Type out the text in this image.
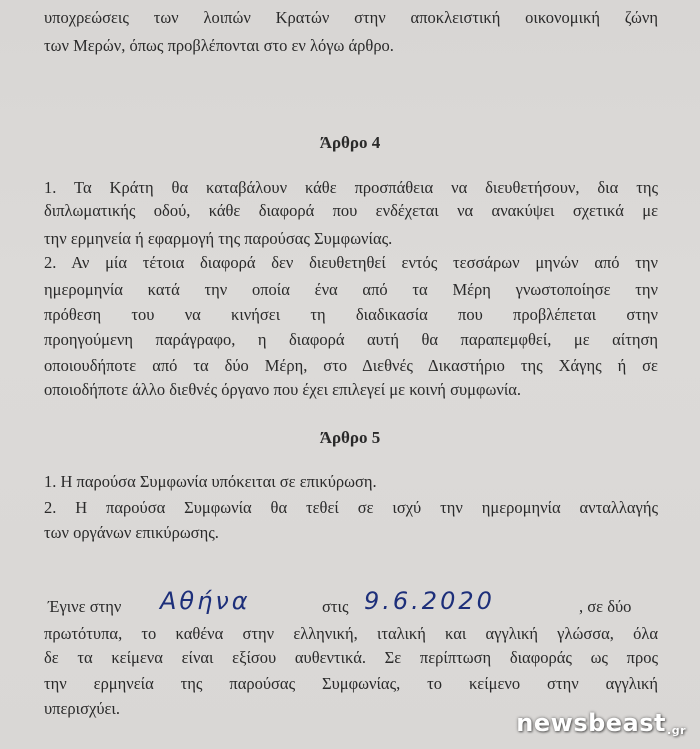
υποχρεώσεις των λοιπών Κρατών στην αποκλειστική οικονομική ζώνη
των Μερών, όπως προβλέπονται στο εν λόγω άρθρο.
Άρθρο 4
1. Τα Κράτη θα καταβάλουν κάθε προσπάθεια να διευθετήσουν, δια της
διπλωματικής οδού, κάθε διαφορά που ενδέχεται να ανακύψει σχετικά με
την ερμηνεία ή εφαρμογή της παρούσας Συμφωνίας.
2. Αν μία τέτοια διαφορά δεν διευθετηθεί εντός τεσσάρων μηνών από την
ημερομηνία κατά την οποία ένα από τα Μέρη γνωστοποίησε την
πρόθεση του να κινήσει τη διαδικασία που προβλέπεται στην
προηγούμενη παράγραφο, η διαφορά αυτή θα παραπεμφθεί, με αίτηση
οποιουδήποτε από τα δύο Μέρη, στο Διεθνές Δικαστήριο της Χάγης ή σε
οποιοδήποτε άλλο διεθνές όργανο που έχει επιλεγεί με κοινή συμφωνία.
Άρθρο 5
1. Η παρούσα Συμφωνία υπόκειται σε επικύρωση.
2. Η παρούσα Συμφωνία θα τεθεί σε ισχύ την ημερομηνία ανταλλαγής
των οργάνων επικύρωσης.
Έγινε στην Αθήνα	στις 9.6.2020	, σε δύο
πρωτότυπα, το καθένα στην ελληνική, ιταλική και αγγλική γλώσσα, όλα
δε τα κείμενα είναι εξίσου αυθεντικά. Σε περίπτωση διαφοράς ως προς
την ερμηνεία της παρούσας Συμφωνίας, το κείμενο στην αγγλική
υπερισχύει.
newsbeast.gr
